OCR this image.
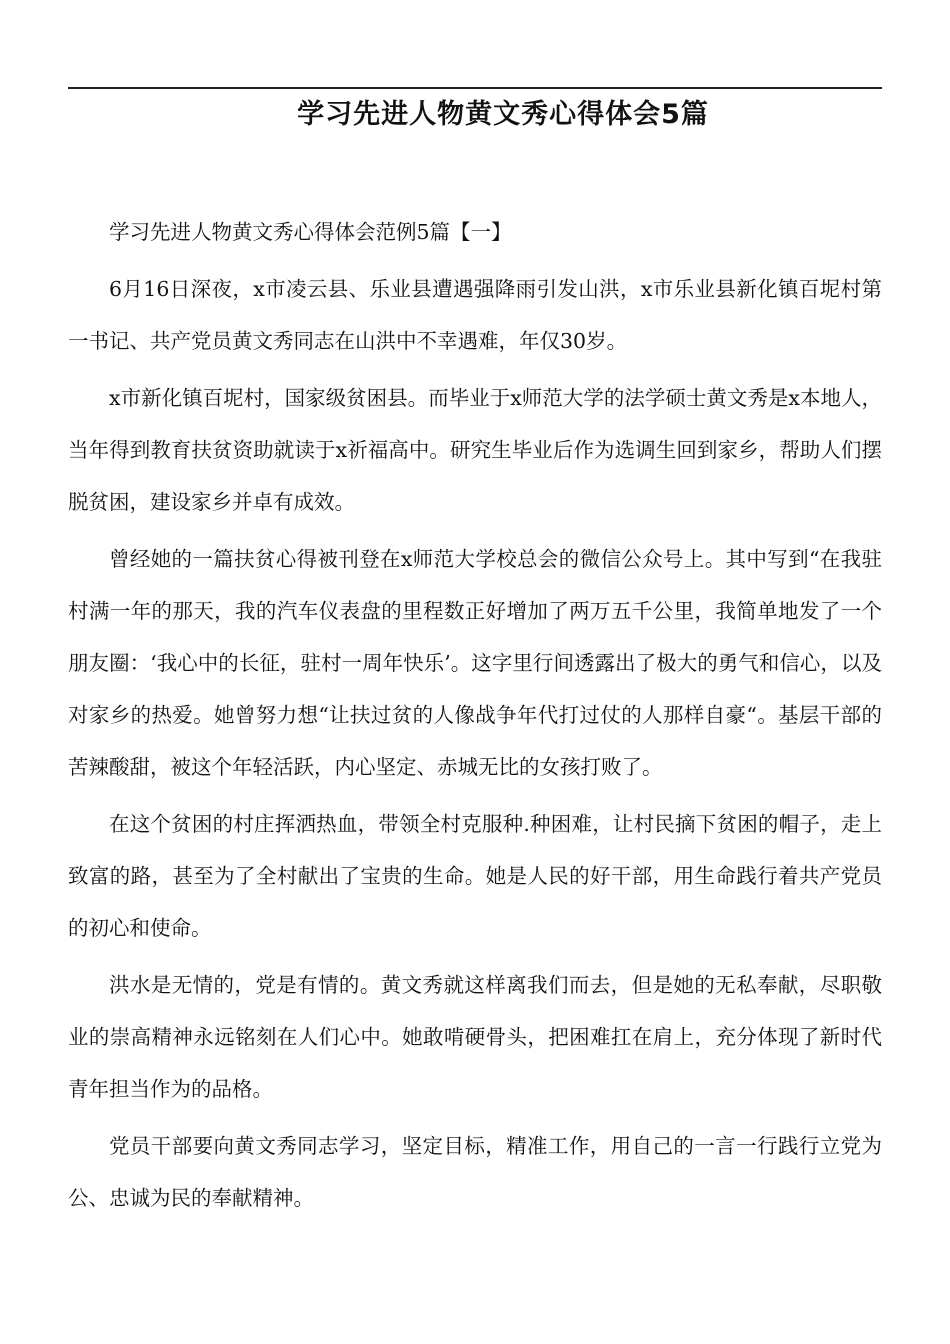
学习先进人物黄文秀心得体会5篇

学习先进人物黄文秀心得体会范例5篇【一】

6月16日深夜，x市凌云县、乐业县遭遇强降雨引发山洪，x市乐业县新化镇百坭村第一书记、共产党员黄文秀同志在山洪中不幸遇难，年仅30岁。

x市新化镇百坭村，国家级贫困县。而毕业于x师范大学的法学硕士黄文秀是x本地人，当年得到教育扶贫资助就读于x祈福高中。研究生毕业后作为选调生回到家乡，帮助人们摆脱贫困，建设家乡并卓有成效。

曾经她的一篇扶贫心得被刊登在x师范大学校总会的微信公众号上。其中写到“在我驻村满一年的那天，我的汽车仪表盘的里程数正好增加了两万五千公里，我简单地发了一个朋友圈：‘我心中的长征，驻村一周年快乐’。这字里行间透露出了极大的勇气和信心，以及对家乡的热爱。她曾努力想“让扶过贫的人像战争年代打过仗的人那样自豪“。基层干部的苦辣酸甜，被这个年轻活跃，内心坚定、赤城无比的女孩打败了。

在这个贫困的村庄挥洒热血，带领全村克服种.种困难，让村民摘下贫困的帽子，走上致富的路，甚至为了全村献出了宝贵的生命。她是人民的好干部，用生命践行着共产党员的初心和使命。

洪水是无情的，党是有情的。黄文秀就这样离我们而去，但是她的无私奉献，尽职敬业的崇高精神永远铭刻在人们心中。她敢啃硬骨头，把困难扛在肩上，充分体现了新时代青年担当作为的品格。

党员干部要向黄文秀同志学习，坚定目标，精准工作，用自己的一言一行践行立党为公、忠诚为民的奉献精神。
